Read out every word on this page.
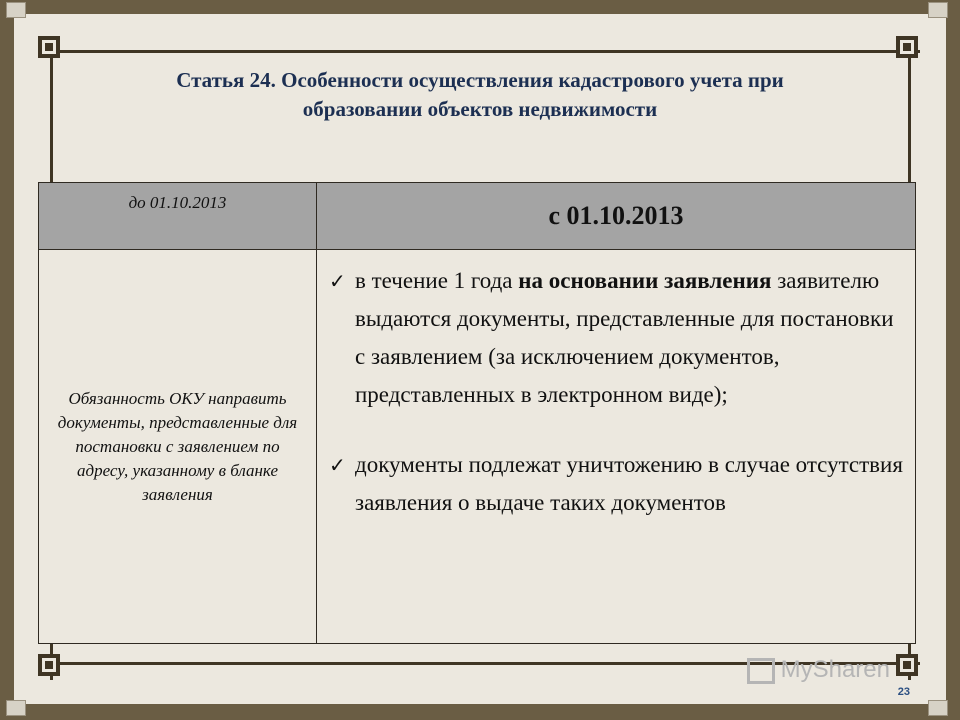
Статья 24. Особенности осуществления кадастрового учета при
образовании объектов недвижимости
до 01.10.2013	с 01.10.2013
Обязанность ОКУ направить документы, представленные для постановки с заявлением по адресу, указанному в бланке заявления	✓ в течение 1 года на основании заявления заявителю выдаются документы, представленные для постановки с заявлением (за исключением документов, представленных в электронном виде);
✓ документы подлежат уничтожению в случае отсутствия заявления о выдаче таких документов
MySharen
23
